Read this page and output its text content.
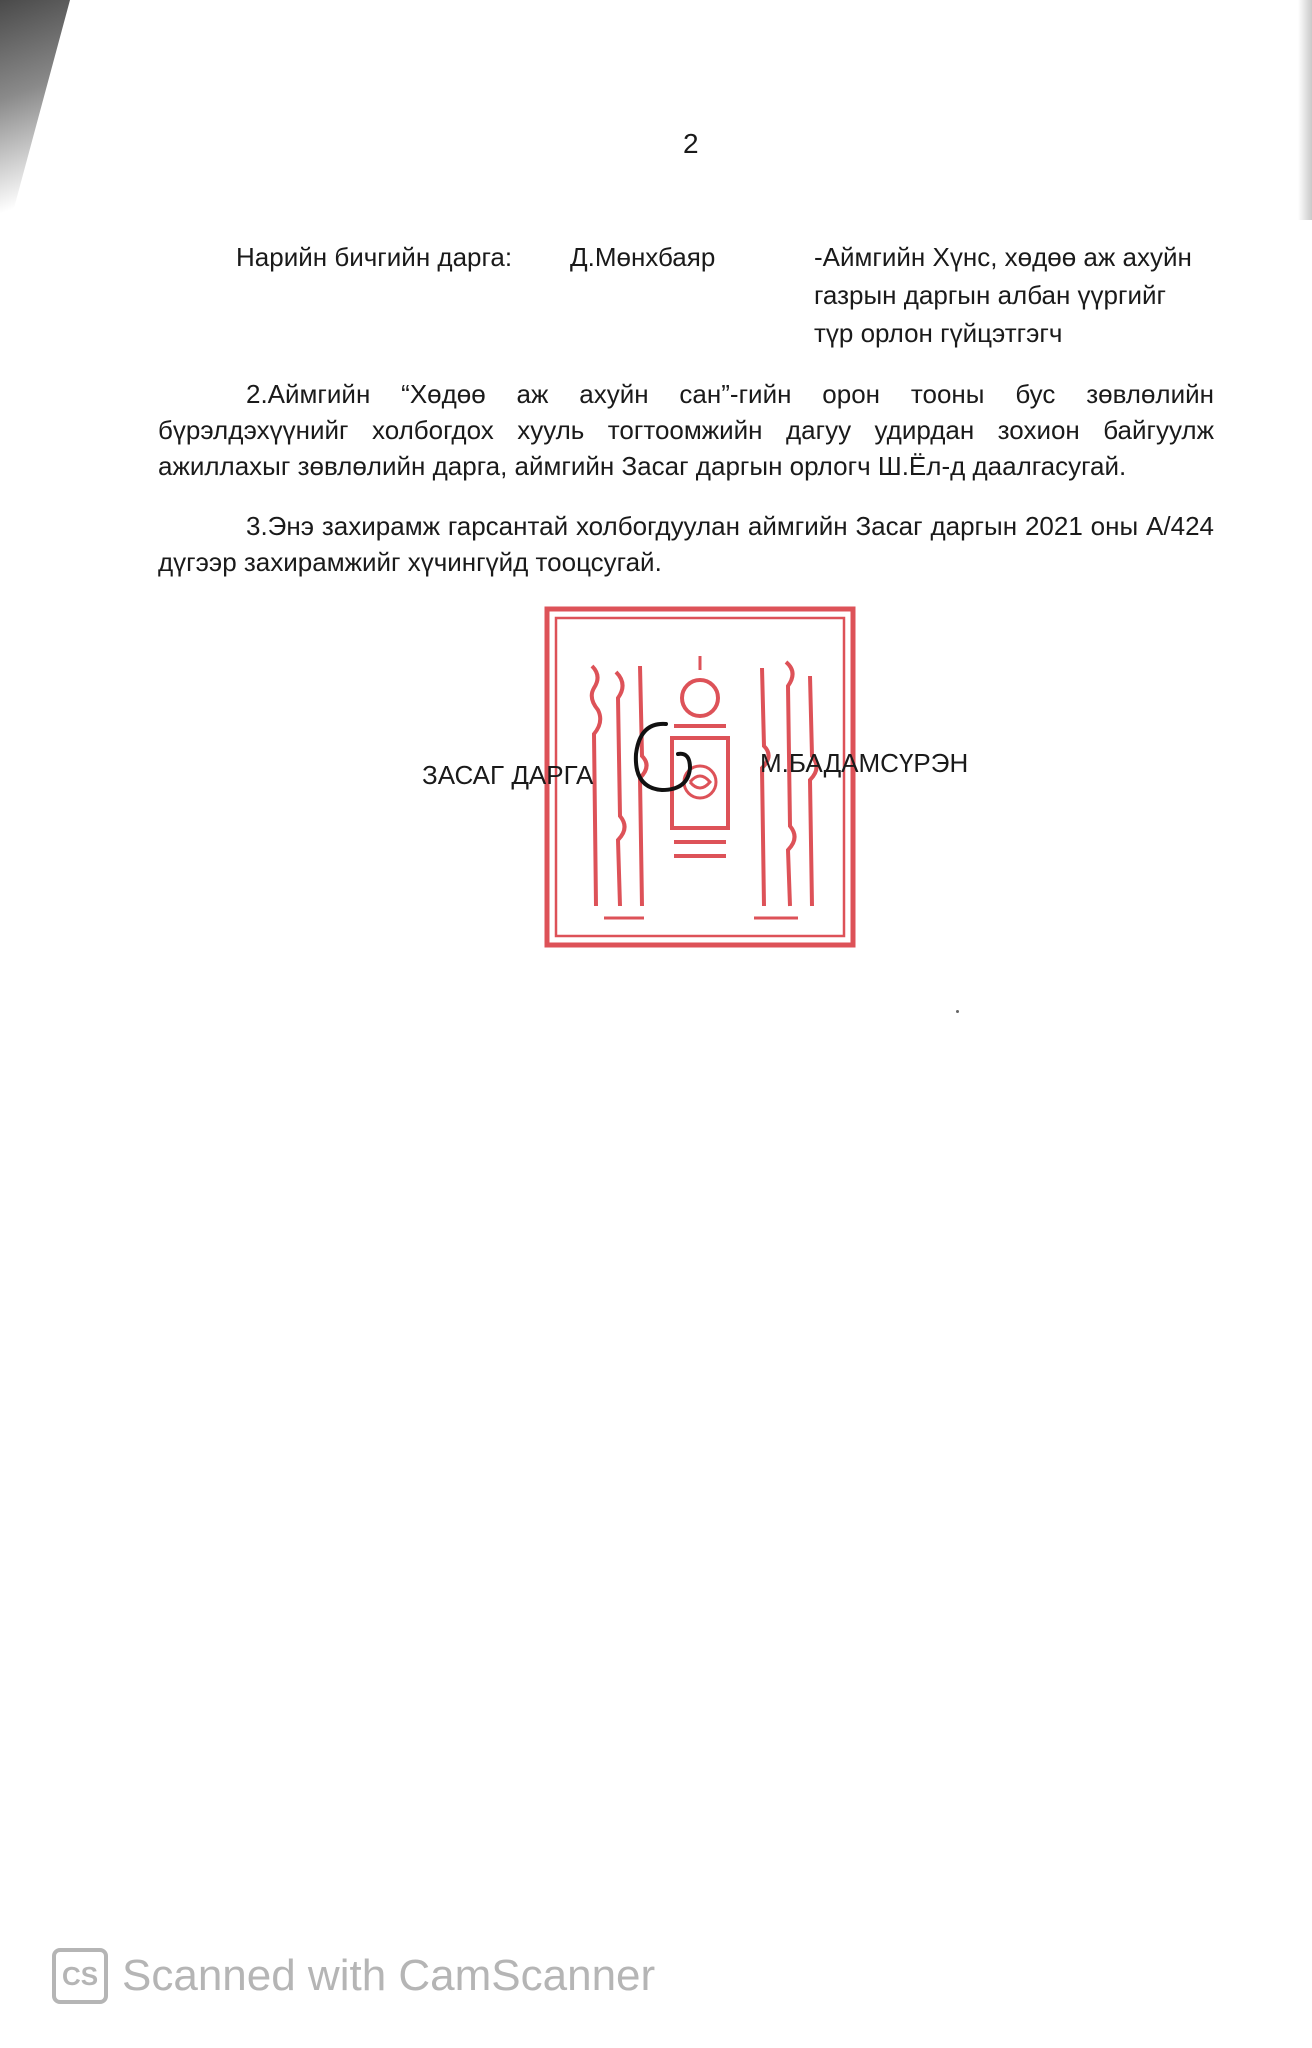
2
Нарийн бичгийн дарга: Д.Мөнхбаяр	-Аймгийн Хүнс, хөдөө аж ахуйн
газрын даргын албан үүргийг
түр орлон гүйцэтгэгч
2.Аймгийн “Хөдөө аж ахуйн сан”-гийн орон тооны бус зөвлөлийн бүрэлдэхүүнийг холбогдох хууль тогтоомжийн дагуу удирдан зохион байгуулж ажиллахыг зөвлөлийн дарга, аймгийн Засаг даргын орлогч Ш.Ёл-д даалгасугай.
3.Энэ захирамж гарсантай холбогдуулан аймгийн Засаг даргын 2021 оны А/424 дүгээр захирамжийг хүчингүйд тооцсугай.
ЗАСАГ ДАРГА	М.БАДАМСҮРЭН
CS Scanned with CamScanner
